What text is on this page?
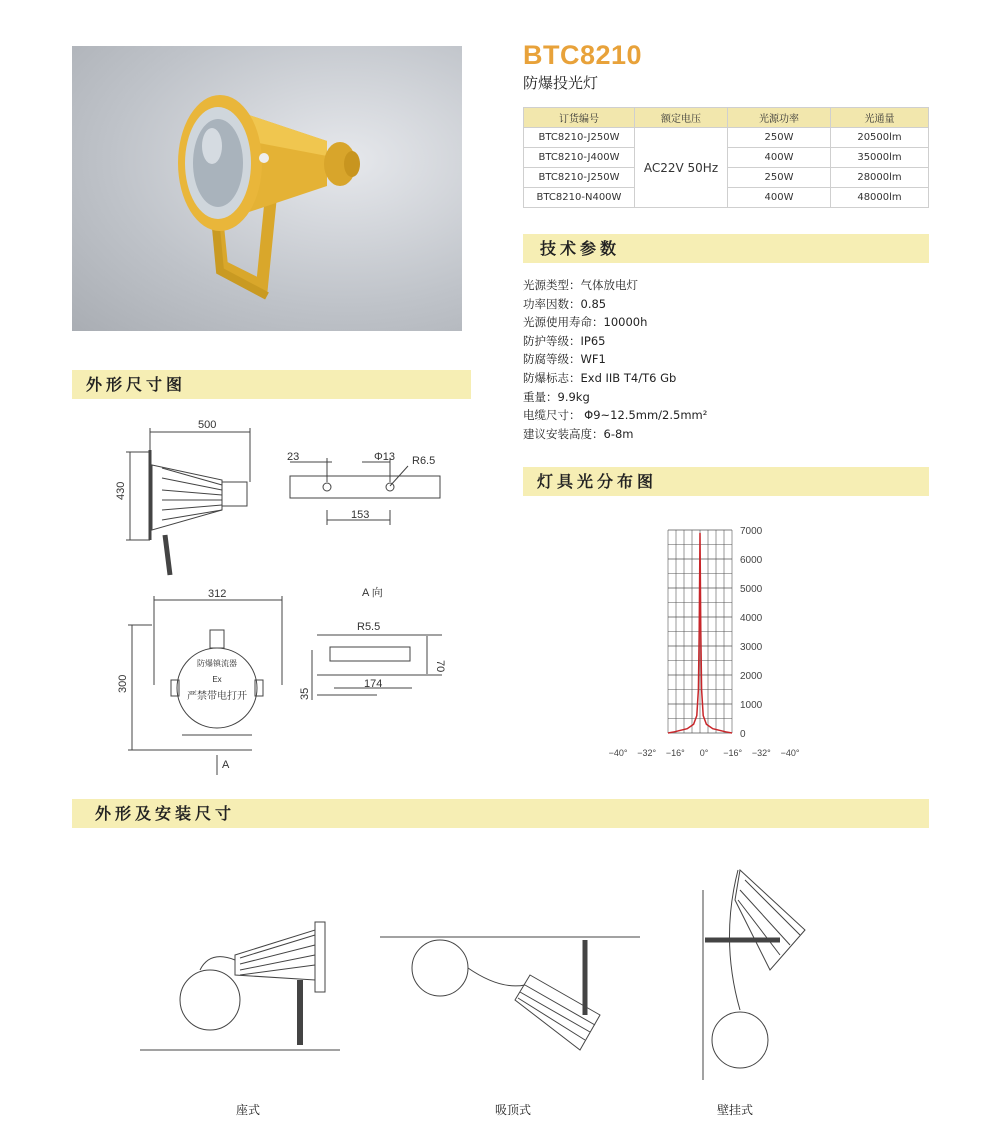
BTC8210
防爆投光灯
订货编号	额定电压	光源功率	光通量
BTC8210-J250W	AC22V 50Hz	250W	20500lm
BTC8210-J400W		400W	35000lm
BTC8210-J250W		250W	28000lm
BTC8210-N400W		400W	48000lm
技术参数
外形尺寸图
灯具光分布图
外形及安装尺寸
光源类型：气体放电灯
功率因数：0.85
光源使用寿命：10000h
防护等级：IP65
防腐等级：WF1
防爆标志：Exd IIB T4/T6 Gb
重量：9.9kg
电缆尺寸： Φ9~12.5mm/2.5mm²
建议安装高度：6-8m
500
430
23	Φ13 R6.5
153
A 向
312
300
防爆镇流器
Ex
严禁带电打开
A
R5.5
70
174
35
7000
6000
5000
4000
3000
2000
1000
0
−40° −32° −16° 0° −16° −32° −40°
座式	吸顶式	壁挂式
